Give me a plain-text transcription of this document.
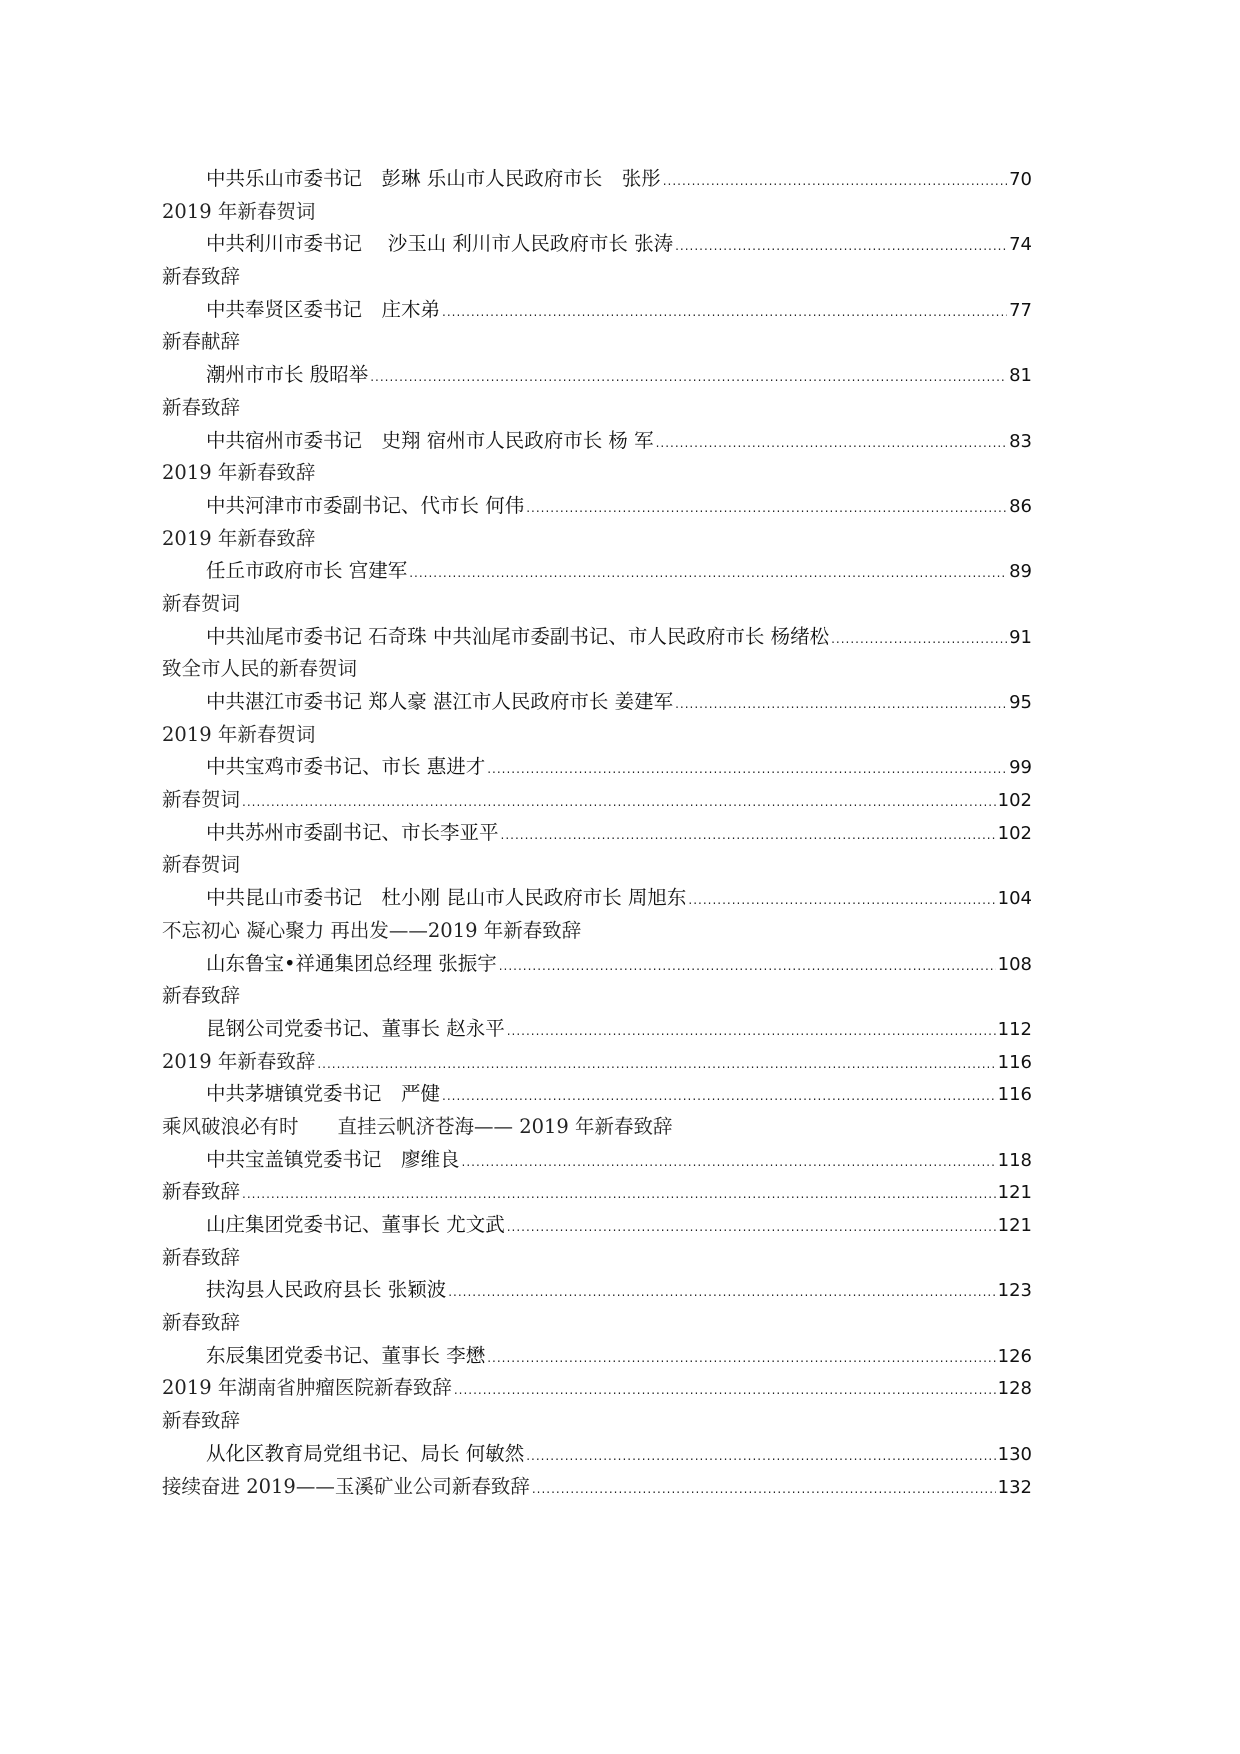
中共乐山市委书记　彭琳 乐山市人民政府市长　张彤 .....	70
2019 年新春贺词
中共利川市委书记　 沙玉山 利川市人民政府市长 张涛 .....	74
新春致辞
中共奉贤区委书记　庄木弟 .....	77
新春献辞
潮州市市长 殷昭举 .....	81
新春致辞
中共宿州市委书记　史翔 宿州市人民政府市长 杨 军 .....	83
2019 年新春致辞
中共河津市市委副书记、代市长 何伟 .....	86
2019 年新春致辞
任丘市政府市长 宫建军 .....	89
新春贺词
中共汕尾市委书记 石奇珠 中共汕尾市委副书记、市人民政府市长 杨绪松 .....	91
致全市人民的新春贺词
中共湛江市委书记 郑人豪 湛江市人民政府市长 姜建军 .....	95
2019 年新春贺词
中共宝鸡市委书记、市长 惠进才 .....	99
新春贺词 .....	102
中共苏州市委副书记、市长李亚平 .....	102
新春贺词
中共昆山市委书记　杜小刚 昆山市人民政府市长 周旭东 .....	104
不忘初心 凝心聚力 再出发——2019 年新春致辞
山东鲁宝•祥通集团总经理 张振宇 .....	108
新春致辞
昆钢公司党委书记、董事长 赵永平 .....	112
2019 年新春致辞 .....	116
中共茅塘镇党委书记　严健 .....	116
乘风破浪必有时　　直挂云帆济苍海—— 2019 年新春致辞
中共宝盖镇党委书记　廖维良 .....	118
新春致辞 .....	121
山庄集团党委书记、董事长 尤文武 .....	121
新春致辞
扶沟县人民政府县长 张颖波 .....	123
新春致辞
东辰集团党委书记、董事长 李懋 .....	126
2019 年湖南省肿瘤医院新春致辞 .....	128
新春致辞
从化区教育局党组书记、局长 何敏然 .....	130
接续奋进 2019——玉溪矿业公司新春致辞 .....	132
